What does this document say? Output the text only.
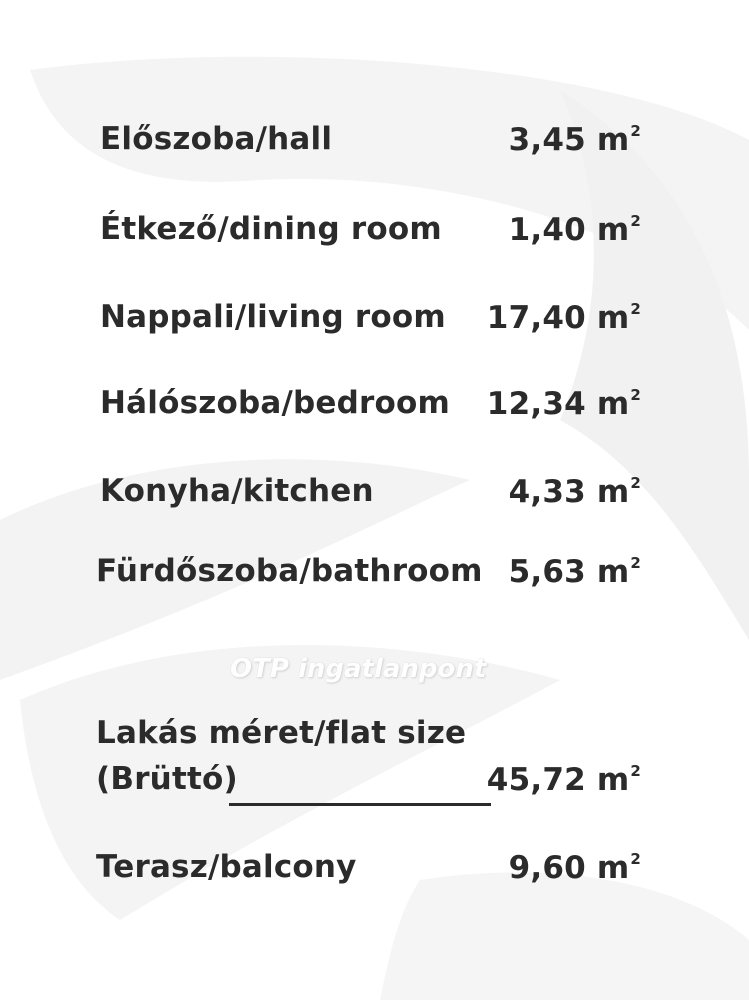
Előszoba/hall	3,45 $m^2$
Étkező/dining room 1,40 $m^2$
Nappali/living room 17,40 $m^2$
Hálószoba/bedroom 12,34 $m^2$
Konyha/kitchen	4,33 $m^2$
Fürdőszoba/bathroom 5,63 $m^2$
OTP ingatlanpont
Lakás méret/flat size
(Brüttó)	45,72 $m^2$
Terasz/balcony	9,60 $m^2$
